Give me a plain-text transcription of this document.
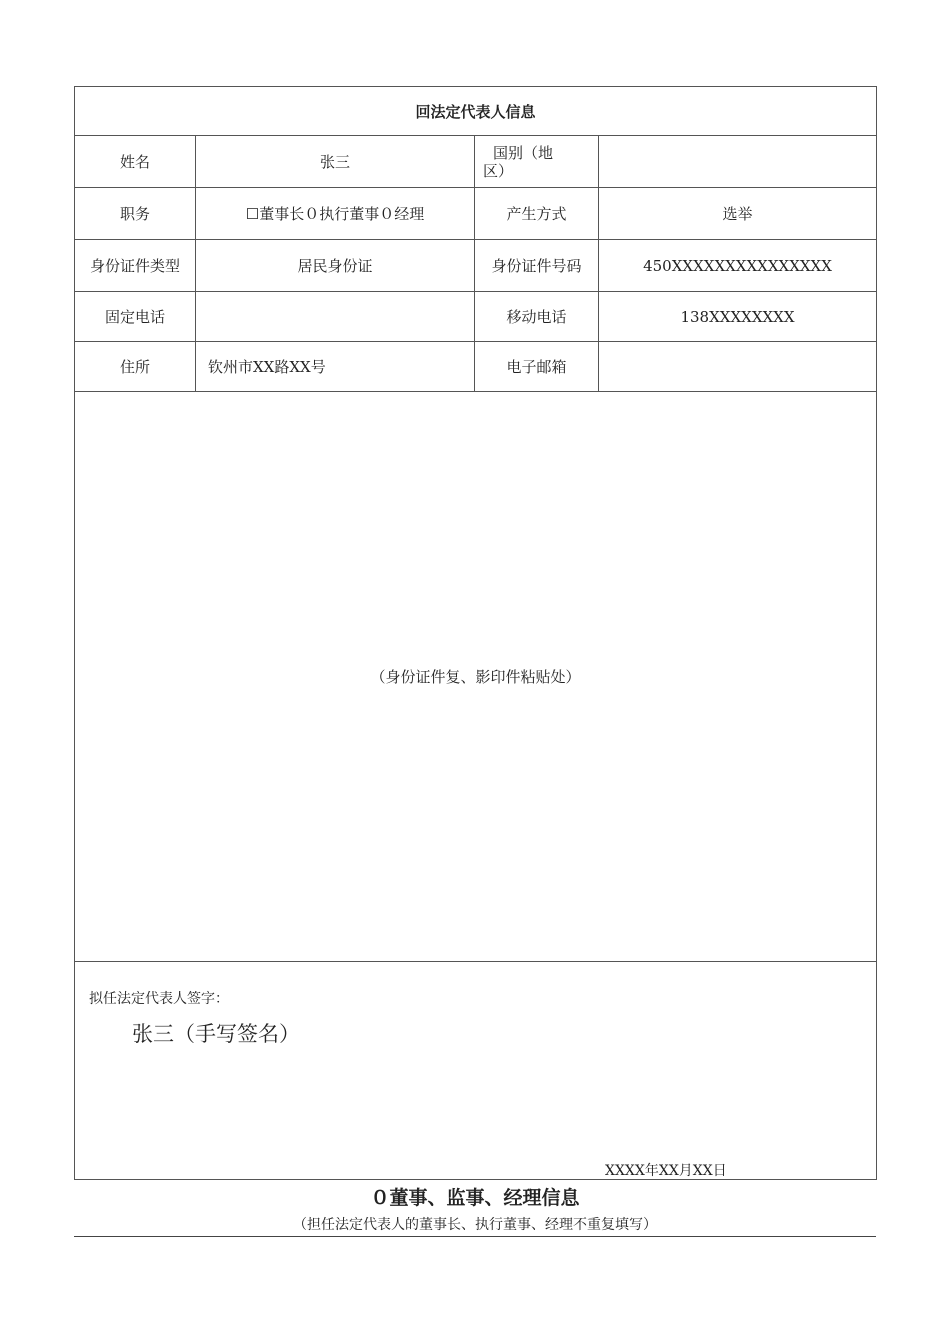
回法定代表人信息			
姓名	张三	国别（地
区）	

职务	☐董事长０执行董事０经理	产生方式	选举
身份证件类型	居民身份证	身份证件号码	450XXXXXXXXXXXXXXX
固定电话		移动电话	138XXXXXXXX
住所	钦州市XX路XX号	电子邮箱	
（身份证件复、影印件粘贴处）			

拟任法定代表人签字：
张三（手写签名）
XXXX年XX月XX日			
０董事、监事、经理信息
（担任法定代表人的董事长、执行董事、经理不重复填写）
